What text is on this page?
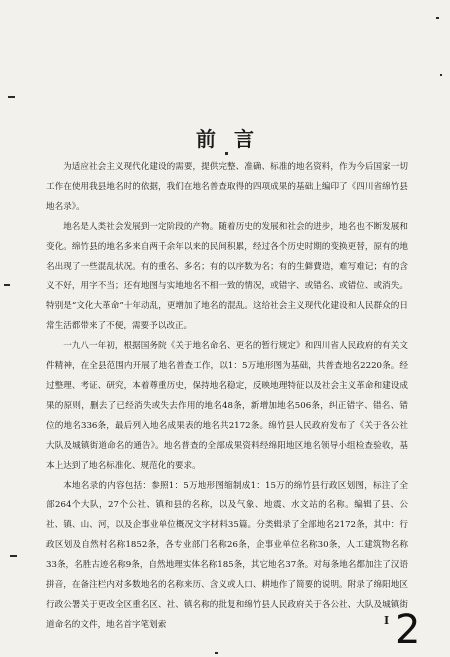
前言

为适应社会主义现代化建设的需要，提供完整、准确、标准的地名资料，作为今后国家一切工作在使用我县地名时的依据，我们在地名普查取得的四项成果的基础上编印了《四川省绵竹县地名录》。

地名是人类社会发展到一定阶段的产物。随着历史的发展和社会的进步，地名也不断发展和变化。绵竹县的地名多来自两千余年以来的民间积累，经过各个历史时期的变换更替，原有的地名出现了一些混乱状况。有的重名、多名；有的以序数为名；有的生僻費造，难写难记；有的含义不好，用字不当；还有地图与实地地名不相一致的情况，或错字、或错名、或错位、或消失。特别是“文化大革命”十年动乱，更增加了地名的混乱。这给社会主义现代化建设和人民群众的日常生活都带来了不便，需要予以改正。

一九八一年初，根据国务院《关于地名命名、更名的暂行规定》和四川省人民政府的有关文件精神，在全县范围内开展了地名普查工作，以1：5万地形图为基础，共普查地名2220条。经过整理、考证、研究，本着尊重历史，保持地名稳定，反映地理特征以及社会主义革命和建设成果的原则，删去了已经消失或失去作用的地名48条，新增加地名506条，纠正错字、错名、错位的地名336条，最后列入地名成果表的地名共2172条。绵竹县人民政府发布了《关于各公社大队及城镇街道命名的通告》。地名普查的全部成果资料经绵阳地区地名领导小组检查验收，基本上达到了地名标准化、规范化的要求。

本地名录的内容包括：参照1：5万地形图缩制成1：15万的绵竹县行政区划图，标注了全部264个大队，27个公社、镇和县的名称，以及气象、地震、水文站的名称。编辑了县、公社、镇、山、河，以及企事业单位概况文字材料35篇。分类辑录了全部地名2172条，其中：行政区划及自然村名称1852条，各专业部门名称26条，企事业单位名称30条，人工建筑物名称33条，名胜古迹名称9条，自然地理实体名称185条，其它地名37条。对每条地名都加注了汉语拼音，在备注栏内对多数地名的名称来历、含义或人口、耕地作了简要的说明。附录了绵阳地区行政公署关于更改全区重名区、社、镇名称的批复和绵竹县人民政府关于各公社、大队及城镇街道命名的文件，地名首字笔划索	I 2
